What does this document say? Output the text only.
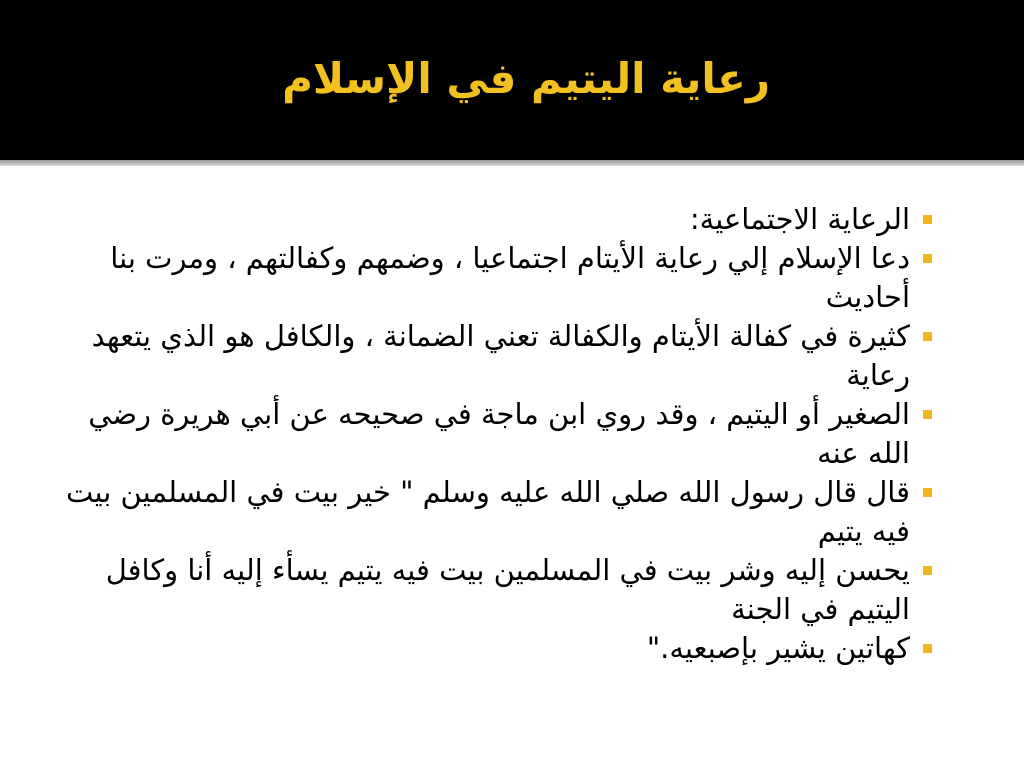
رعاية اليتيم في الإسلام
الرعاية الاجتماعية:
دعا الإسلام إلي رعاية الأيتام اجتماعيا ، وضمهم وكفالتهم ، ومرت بنا أحاديث
كثيرة في كفالة الأيتام والكفالة تعني الضمانة ، والكافل هو الذي يتعهد رعاية
الصغير أو اليتيم ، وقد روي ابن ماجة في صحيحه عن أبي هريرة رضي الله عنه
قال قال رسول الله صلي الله عليه وسلم " خير بيت في المسلمين بيت فيه يتيم
يحسن إليه وشر بيت في المسلمين بيت فيه يتيم يسأء إليه أنا وكافل اليتيم في الجنة
كهاتين يشير بإصبعيه."
